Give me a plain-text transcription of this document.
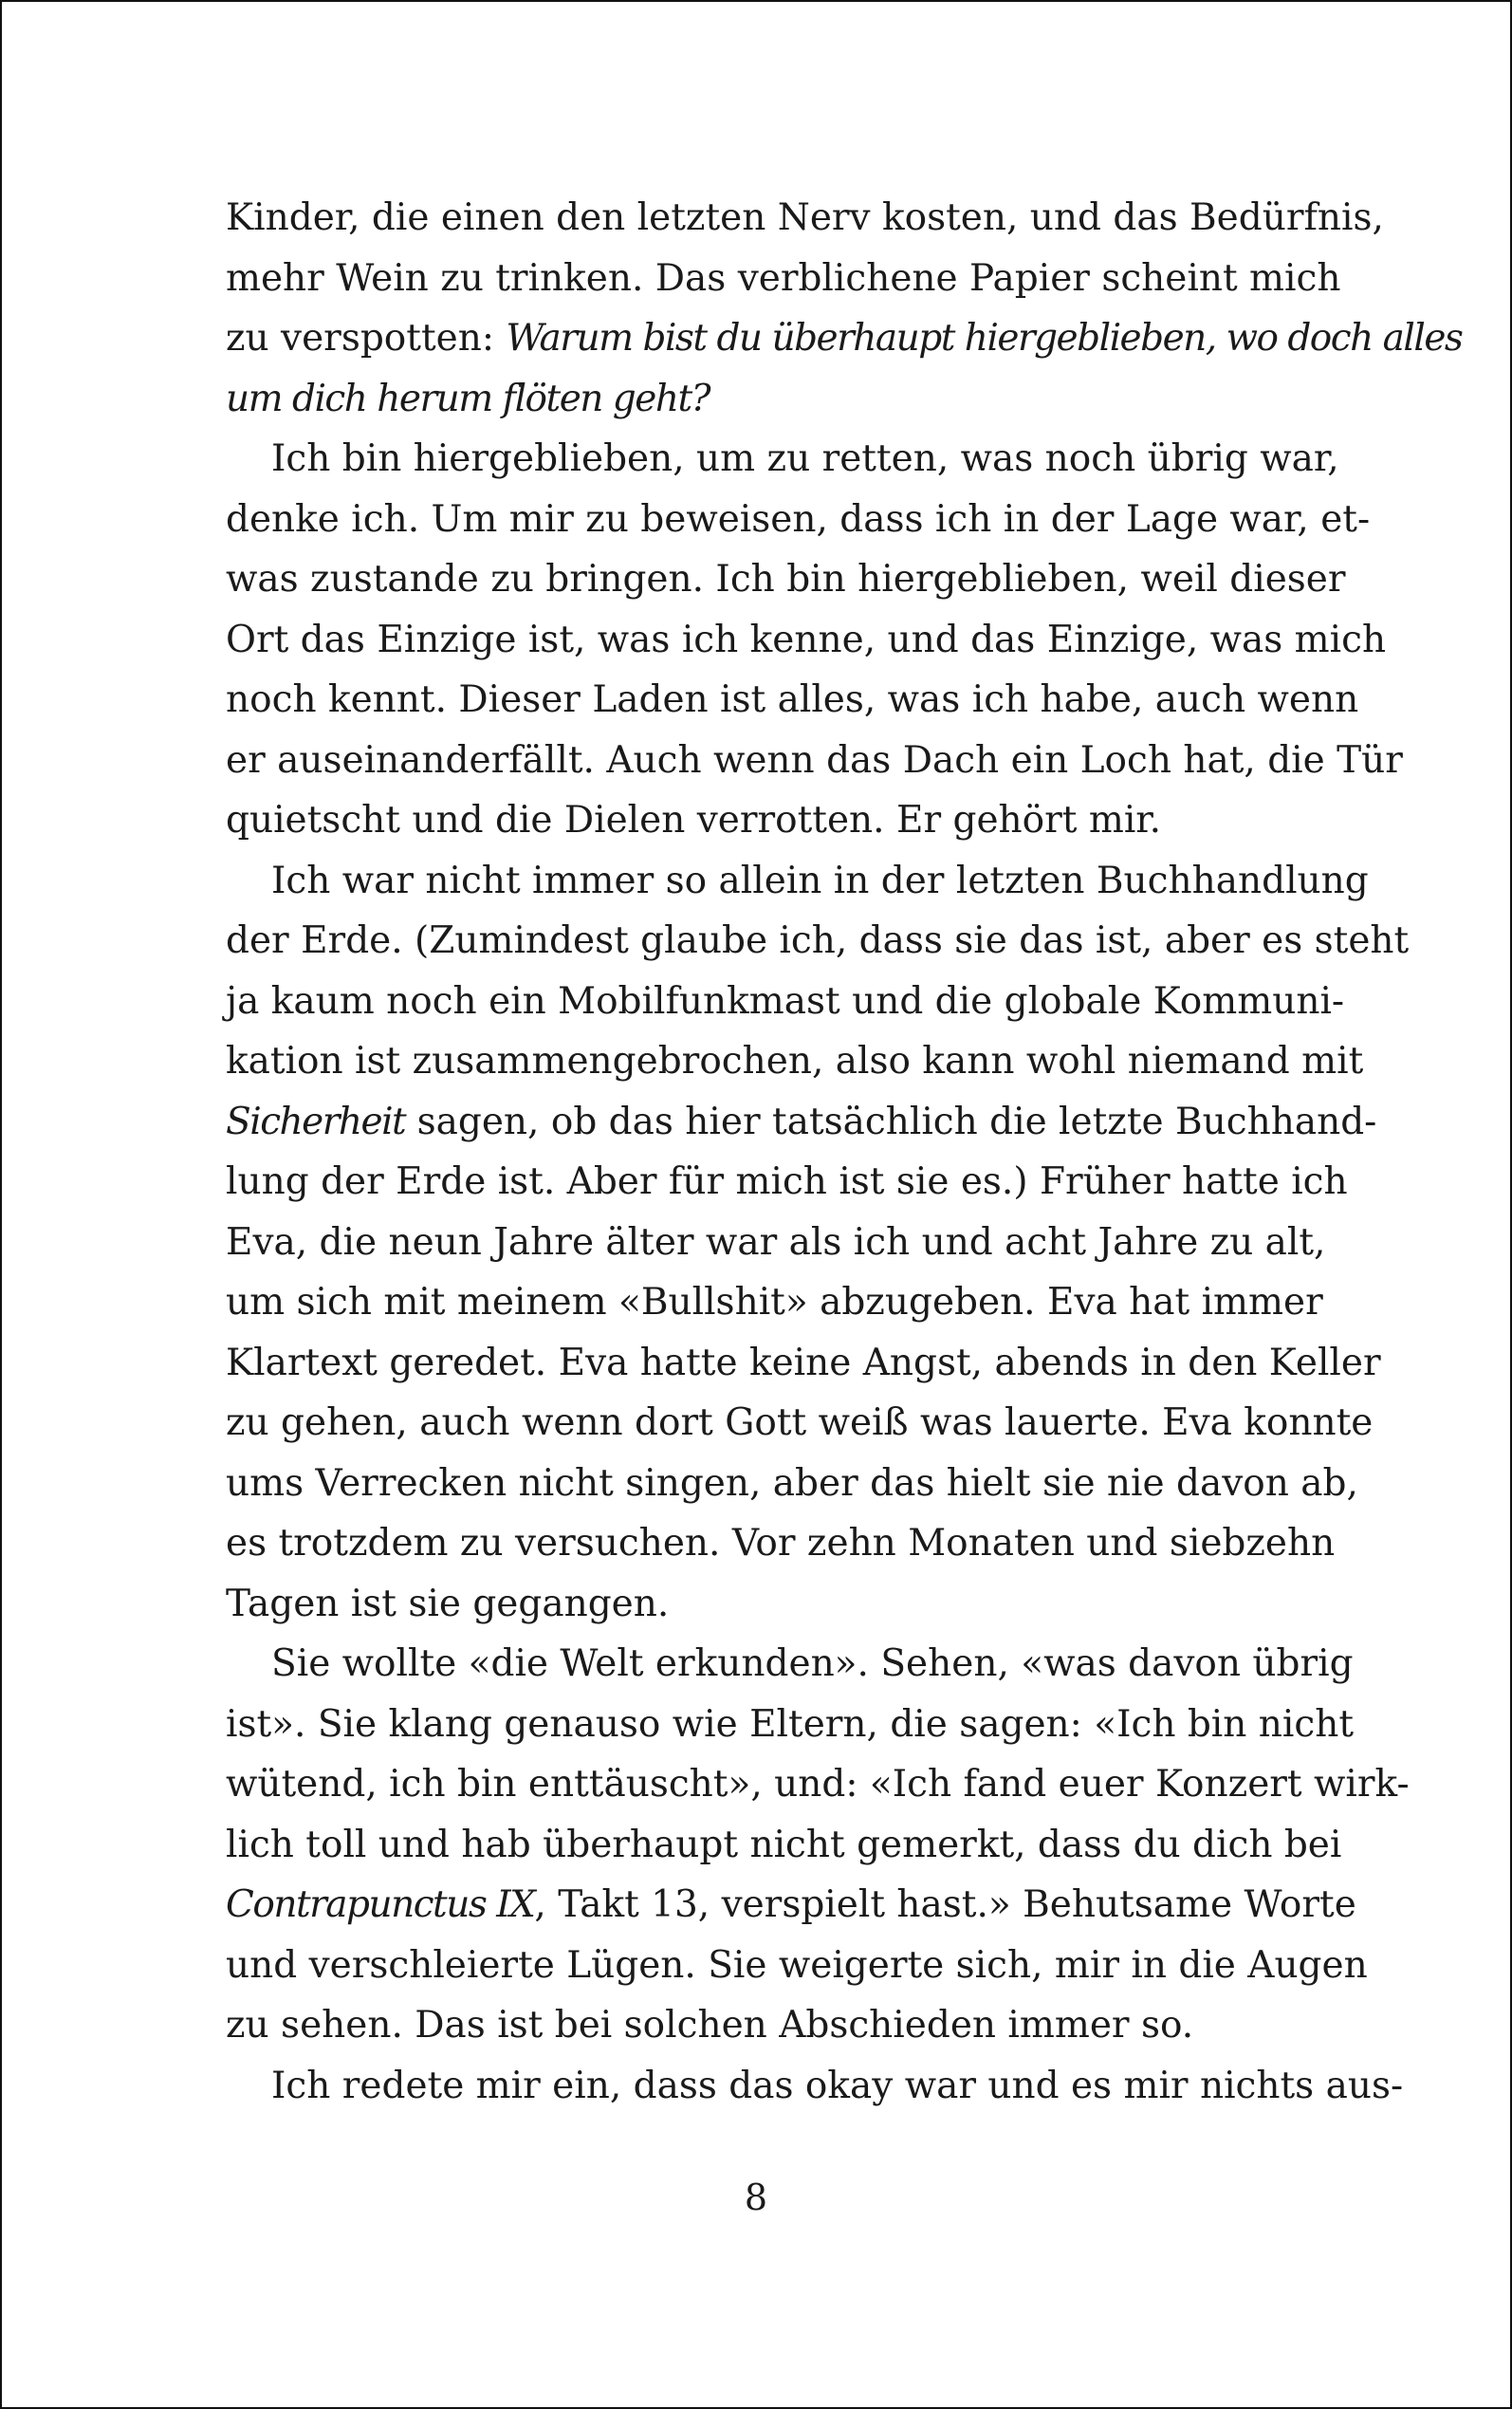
Kinder, die einen den letzten Nerv kosten, und das Bedürfnis,
mehr Wein zu trinken. Das verblichene Papier scheint mich
zu verspotten: Warum bist du überhaupt hiergeblieben, wo doch alles
um dich herum flöten geht?
Ich bin hiergeblieben, um zu retten, was noch übrig war,
denke ich. Um mir zu beweisen, dass ich in der Lage war, et-
was zustande zu bringen. Ich bin hiergeblieben, weil dieser
Ort das Einzige ist, was ich kenne, und das Einzige, was mich
noch kennt. Dieser Laden ist alles, was ich habe, auch wenn
er auseinanderfällt. Auch wenn das Dach ein Loch hat, die Tür
quietscht und die Dielen verrotten. Er gehört mir.
Ich war nicht immer so allein in der letzten Buchhandlung
der Erde. (Zumindest glaube ich, dass sie das ist, aber es steht
ja kaum noch ein Mobilfunkmast und die globale Kommuni-
kation ist zusammengebrochen, also kann wohl niemand mit
Sicherheit sagen, ob das hier tatsächlich die letzte Buchhand-
lung der Erde ist. Aber für mich ist sie es.) Früher hatte ich
Eva, die neun Jahre älter war als ich und acht Jahre zu alt,
um sich mit meinem «Bullshit» abzugeben. Eva hat immer
Klartext geredet. Eva hatte keine Angst, abends in den Keller
zu gehen, auch wenn dort Gott weiß was lauerte. Eva konnte
ums Verrecken nicht singen, aber das hielt sie nie davon ab,
es trotzdem zu versuchen. Vor zehn Monaten und siebzehn
Tagen ist sie gegangen.
Sie wollte «die Welt erkunden». Sehen, «was davon übrig
ist». Sie klang genauso wie Eltern, die sagen: «Ich bin nicht
wütend, ich bin enttäuscht», und: «Ich fand euer Konzert wirk-
lich toll und hab überhaupt nicht gemerkt, dass du dich bei
Contrapunctus IX, Takt 13, verspielt hast.» Behutsame Worte
und verschleierte Lügen. Sie weigerte sich, mir in die Augen
zu sehen. Das ist bei solchen Abschieden immer so.
Ich redete mir ein, dass das okay war und es mir nichts aus-
8
